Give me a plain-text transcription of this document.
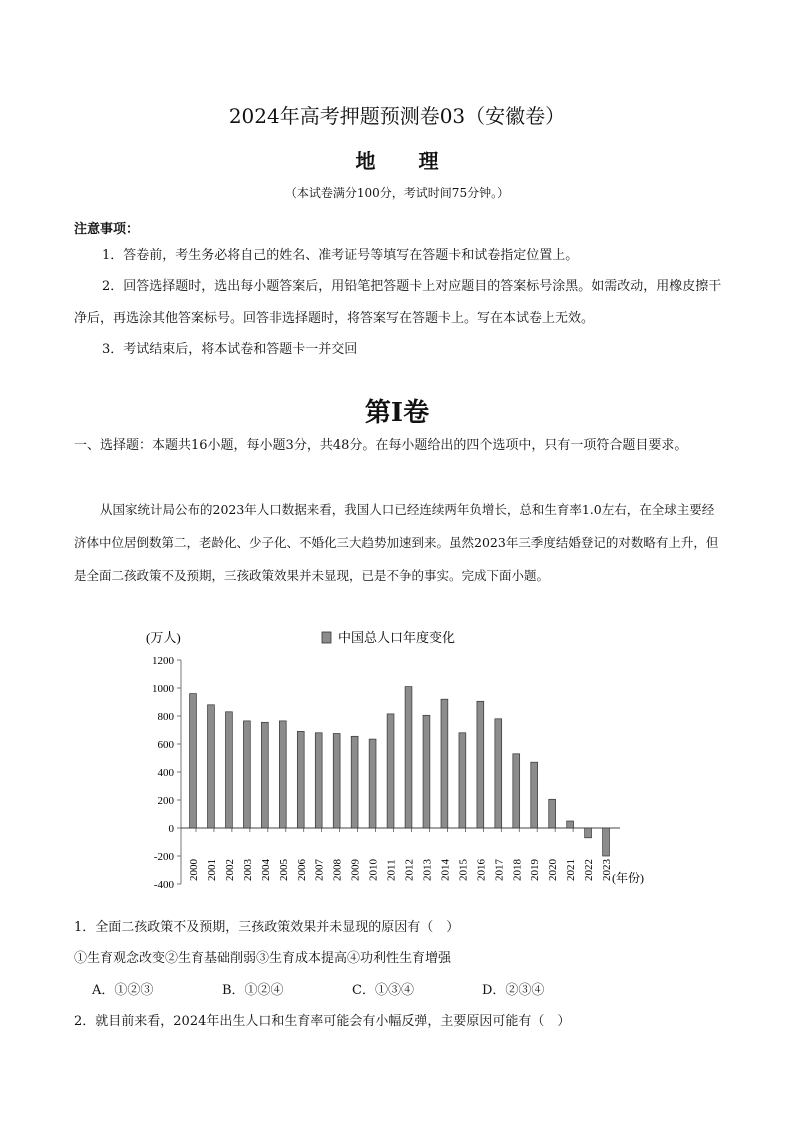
2024年高考押题预测卷03（安徽卷）
地 理
（本试卷满分100分，考试时间75分钟。）
注意事项：
1．答卷前，考生务必将自己的姓名、准考证号等填写在答题卡和试卷指定位置上。
2．回答选择题时，选出每小题答案后，用铅笔把答题卡上对应题目的答案标号涂黑。如需改动，用橡皮擦干净后，再选涂其他答案标号。回答非选择题时，将答案写在答题卡上。写在本试卷上无效。
3．考试结束后，将本试卷和答题卡一并交回
第Ⅰ卷
一、选择题：本题共16小题，每小题3分，共48分。在每小题给出的四个选项中，只有一项符合题目要求。
从国家统计局公布的2023年人口数据来看，我国人口已经连续两年负增长，总和生育率1.0左右，在全球主要经济体中位居倒数第二，老龄化、少子化、不婚化三大趋势加速到来。虽然2023年三季度结婚登记的对数略有上升，但是全面二孩政策不及预期，三孩政策效果并未显现，已是不争的事实。完成下面小题。
(万人)	中国总人口年度变化
1200
1000
800
600
400
200
0
-200
-400
2000 2001 2002 2003 2004 2005 2006 2007 2008 2009 2010 2011 2012 2013 2014 2015 2016 2017 2018 2019 2020 2021 2022 2023
(年份)
1．全面二孩政策不及预期，三孩政策效果并未显现的原因有（　）
①生育观念改变②生育基础削弱③生育成本提高④功利性生育增强
A．①②③	B．①②④	C．①③④	D．②③④
2．就目前来看，2024年出生人口和生育率可能会有小幅反弹，主要原因可能有（　）
